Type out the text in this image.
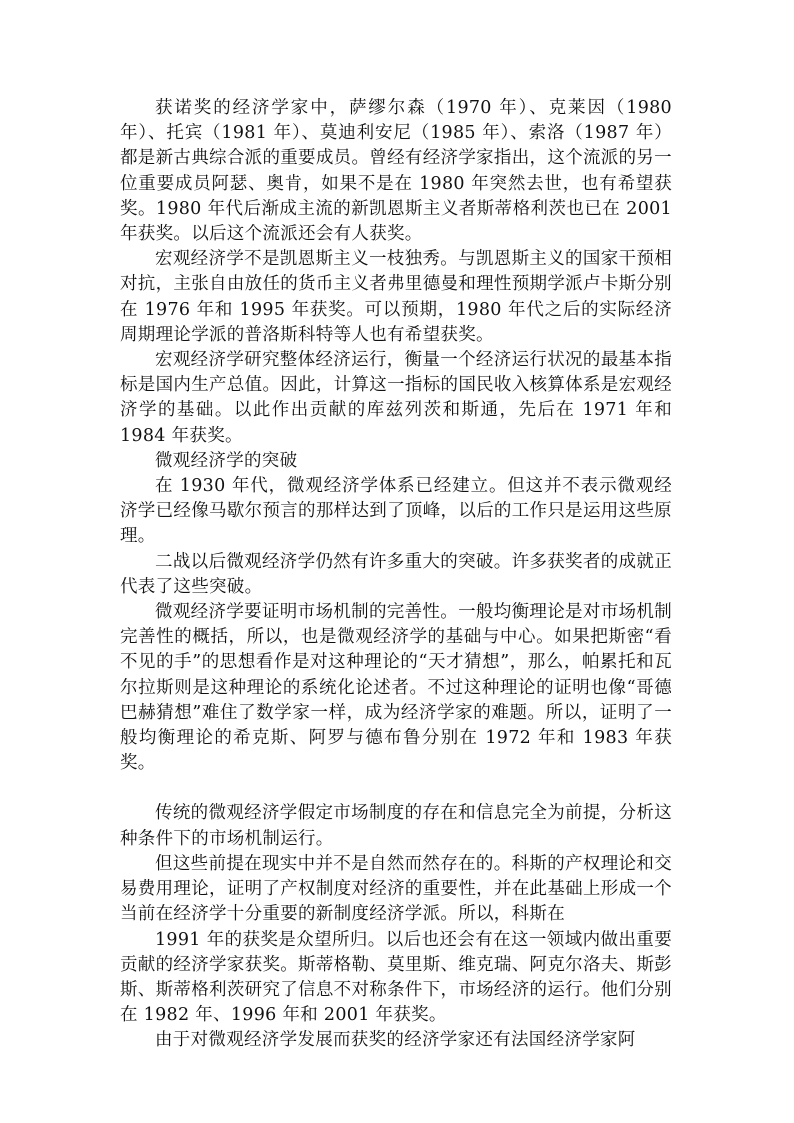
获诺奖的经济学家中，萨缪尔森（1970 年）、克莱因（1980 年）、托宾（1981 年）、莫迪利安尼（1985 年）、索洛（1987 年）都是新古典综合派的重要成员。曾经有经济学家指出，这个流派的另一位重要成员阿瑟、奥肯，如果不是在 1980 年突然去世，也有希望获奖。1980 年代后渐成主流的新凯恩斯主义者斯蒂格利茨也已在 2001 年获奖。以后这个流派还会有人获奖。

宏观经济学不是凯恩斯主义一枝独秀。与凯恩斯主义的国家干预相对抗，主张自由放任的货币主义者弗里德曼和理性预期学派卢卡斯分别在 1976 年和 1995 年获奖。可以预期，1980 年代之后的实际经济周期理论学派的普洛斯科特等人也有希望获奖。

宏观经济学研究整体经济运行，衡量一个经济运行状况的最基本指标是国内生产总值。因此，计算这一指标的国民收入核算体系是宏观经济学的基础。以此作出贡献的库兹列茨和斯通，先后在 1971 年和 1984 年获奖。

微观经济学的突破

在 1930 年代，微观经济学体系已经建立。但这并不表示微观经济学已经像马歇尔预言的那样达到了顶峰，以后的工作只是运用这些原理。

二战以后微观经济学仍然有许多重大的突破。许多获奖者的成就正代表了这些突破。

微观经济学要证明市场机制的完善性。一般均衡理论是对市场机制完善性的概括，所以，也是微观经济学的基础与中心。如果把斯密“看不见的手”的思想看作是对这种理论的“天才猜想”，那么，帕累托和瓦尔拉斯则是这种理论的系统化论述者。不过这种理论的证明也像“哥德巴赫猜想”难住了数学家一样，成为经济学家的难题。所以，证明了一般均衡理论的希克斯、阿罗与德布鲁分别在 1972 年和 1983 年获奖。

传统的微观经济学假定市场制度的存在和信息完全为前提，分析这种条件下的市场机制运行。

但这些前提在现实中并不是自然而然存在的。科斯的产权理论和交易费用理论，证明了产权制度对经济的重要性，并在此基础上形成一个当前在经济学十分重要的新制度经济学派。所以，科斯在

1991 年的获奖是众望所归。以后也还会有在这一领域内做出重要贡献的经济学家获奖。斯蒂格勒、莫里斯、维克瑞、阿克尔洛夫、斯彭斯、斯蒂格利茨研究了信息不对称条件下，市场经济的运行。他们分别在 1982 年、1996 年和 2001 年获奖。

由于对微观经济学发展而获奖的经济学家还有法国经济学家阿
